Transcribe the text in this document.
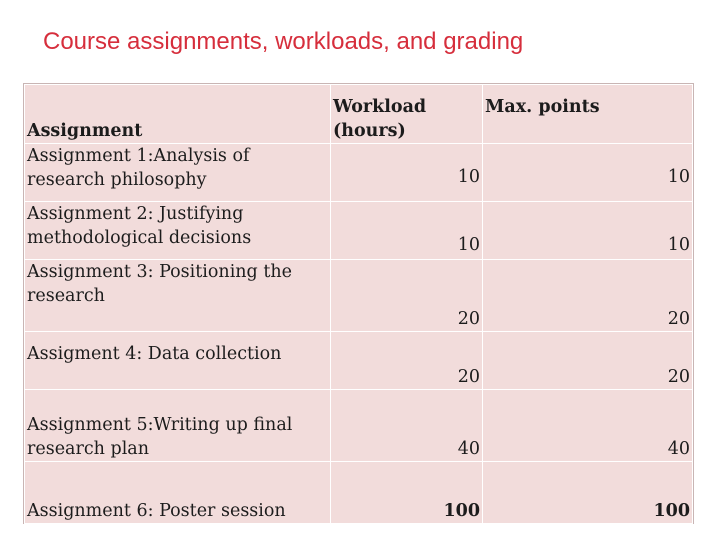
Course assignments, workloads, and grading
Assignment	Workload (hours)	Max. points
Assignment 1:Analysis of research philosophy	10	10
Assignment 2: Justifying methodological decisions	10	10
Assignment 3: Positioning the research	20	20
Assigment 4: Data collection	20	20
Assignment 5:Writing up final research plan	40	40
Assignment 6: Poster session	100	100
